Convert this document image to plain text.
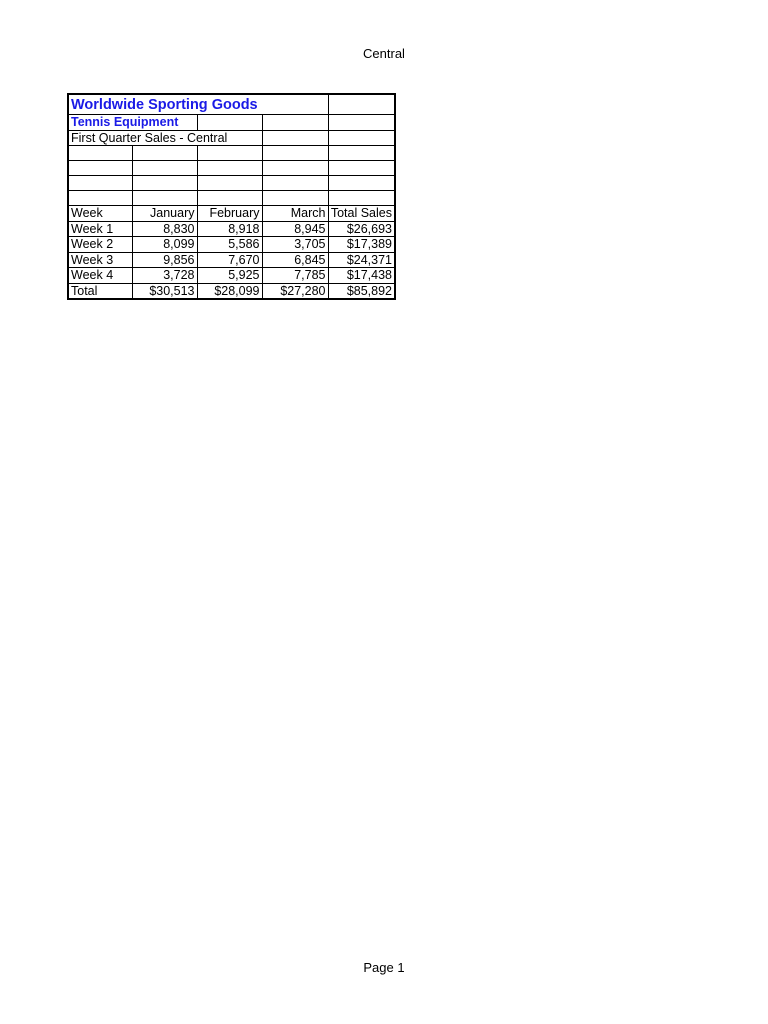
Central
Worldwide Sporting Goods				
Tennis Equipment				
First Quarter Sales - Central				

Week	January	February	March	Total Sales
Week 1	8,830	8,918	8,945	$26,693
Week 2	8,099	5,586	3,705	$17,389
Week 3	9,856	7,670	6,845	$24,371
Week 4	3,728	5,925	7,785	$17,438
Total	$30,513	$28,099	$27,280	$85,892
Page 1
